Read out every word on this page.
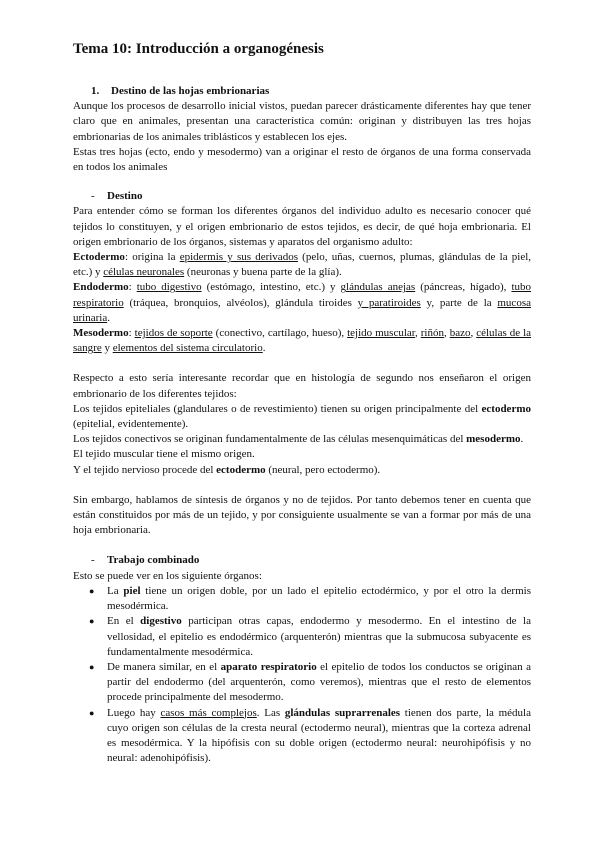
Tema 10: Introducción a organogénesis
1.	Destino de las hojas embrionarias

Aunque los procesos de desarrollo inicial vistos, puedan parecer drásticamente diferentes hay que tener claro que en animales, presentan una característica común: originan y distribuyen las tres hojas embrionarias de los animales triblásticos y establecen los ejes.

Estas tres hojas (ecto, endo y mesodermo) van a originar el resto de órganos de una forma conservada en todos los animales

-	Destino

Para entender cómo se forman los diferentes órganos del individuo adulto es necesario conocer qué tejidos lo constituyen, y el origen embrionario de estos tejidos, es decir, de qué hoja embrionaria. El origen embrionario de los órganos, sistemas y aparatos del organismo adulto:

Ectodermo: origina la epidermis y sus derivados (pelo, uñas, cuernos, plumas, glándulas de la piel, etc.) y células neuronales (neuronas y buena parte de la glía).

Endodermo: tubo digestivo (estómago, intestino, etc.) y glándulas anejas (páncreas, hígado), tubo respiratorio (tráquea, bronquios, alvéolos), glándula tiroides y paratiroides y, parte de la mucosa urinaria.

Mesodermo: tejidos de soporte (conectivo, cartílago, hueso), tejido muscular, riñón, bazo, células de la sangre y elementos del sistema circulatorio.

Respecto a esto sería interesante recordar que en histología de segundo nos enseñaron el origen embrionario de los diferentes tejidos:

Los tejidos epiteliales (glandulares o de revestimiento) tienen su origen principalmente del ectodermo (epitelial, evidentemente).

Los tejidos conectivos se originan fundamentalmente de las células mesenquimáticas del mesodermo.

El tejido muscular tiene el mismo origen.

Y el tejido nervioso procede del ectodermo (neural, pero ectodermo).

Sin embargo, hablamos de síntesis de órganos y no de tejidos. Por tanto debemos tener en cuenta que están constituidos por más de un tejido, y por consiguiente usualmente se van a formar por más de una hoja embrionaria.

-	Trabajo combinado

Esto se puede ver en los siguiente órganos:

● La piel tiene un origen doble, por un lado el epitelio ectodérmico, y por el otro la dermis mesodérmica.
● En el digestivo participan otras capas, endodermo y mesodermo. En el intestino de la vellosidad, el epitelio es endodérmico (arquenterón) mientras que la submucosa subyacente es fundamentalmente mesodérmica.
● De manera similar, en el aparato respiratorio el epitelio de todos los conductos se originan a partir del endodermo (del arquenterón, como veremos), mientras que el resto de elementos procede principalmente del mesodermo.
● Luego hay casos más complejos. Las glándulas suprarrenales tienen dos parte, la médula cuyo origen son células de la cresta neural (ectodermo neural), mientras que la corteza adrenal es mesodérmica. Y la hipófisis con su doble origen (ectodermo neural: neurohipófisis y no neural: adenohipófisis).
